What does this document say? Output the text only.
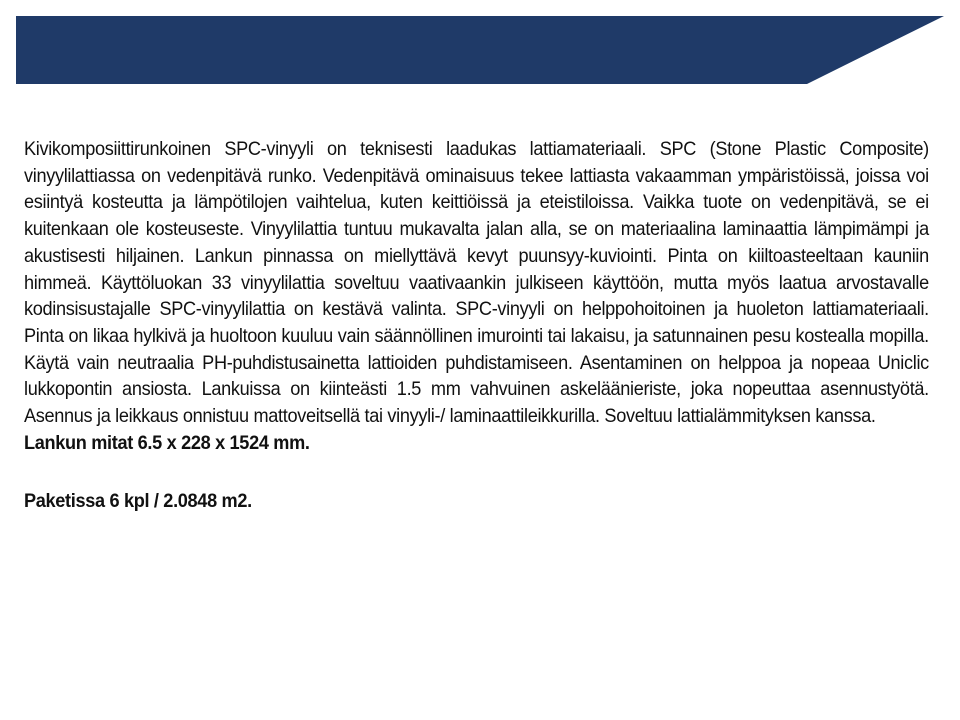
Kivikomposiittirunkoinen SPC-vinyyli on teknisesti laadukas lattiamateriaali. SPC (Stone Plastic Composite) vinyylilattiassa on vedenpitävä runko. Vedenpitävä ominaisuus tekee lattiasta vakaamman ympäristöissä, joissa voi esiintyä kosteutta ja lämpötilojen vaihtelua, kuten keittiöissä ja eteistiloissa. Vaikka tuote on vedenpitävä, se ei kuitenkaan ole kosteuseste. Vinyylilattia tuntuu mukavalta jalan alla, se on materiaalina laminaattia lämpimämpi ja akustisesti hiljainen. Lankun pinnassa on miellyttävä kevyt puunsyy-kuviointi. Pinta on kiiltoasteeltaan kauniin himmeä. Käyttöluokan 33 vinyylilattia soveltuu vaativaankin julkiseen käyttöön, mutta myös laatua arvostavalle kodinsisustajalle SPC-vinyylilattia on kestävä valinta. SPC-vinyyli on helppohoitoinen ja huoleton lattiamateriaali. Pinta on likaa hylkivä ja huoltoon kuuluu vain säännöllinen imurointi tai lakaisu, ja satunnainen pesu kostealla mopilla. Käytä vain neutraalia PH-puhdistusainetta lattioiden puhdistamiseen. Asentaminen on helppoa ja nopeaa Uniclic lukkopontin ansiosta. Lankuissa on kiinteästi 1.5 mm vahvuinen askeläänieriste, joka nopeuttaa asennustyötä. Asennus ja leikkaus onnistuu mattoveitsellä tai vinyyli-/ laminaattileikkurilla. Soveltuu lattialämmityksen kanssa.

Lankun mitat 6.5 x 228 x 1524 mm.

Paketissa 6 kpl / 2.0848 m2.
